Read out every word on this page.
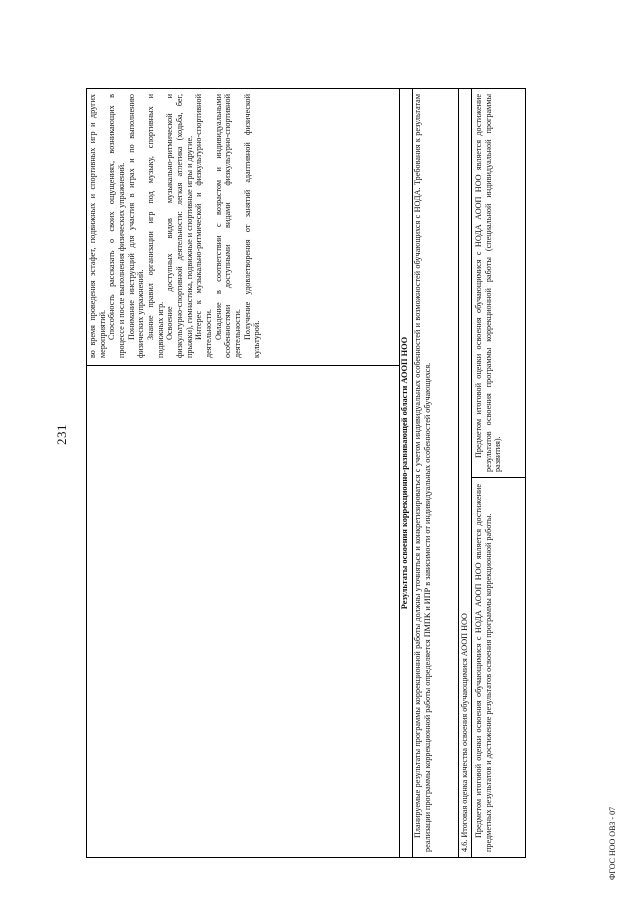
231

во время проведения эстафет, подвижных и спортивных игр и других мероприятий. Способность рассказать о своих ощущениях, возникающих в процессе и после выполнения физических упражнений. Понимание инструкций для участия в играх и по выполнению физических упражнений. Знание правил организации игр под музыку, спортивных и подвижных игр. Освоение доступных видов музыкально-ритмической и физкультурно-спортивной деятельности: легкая атлетика (ходьба, бег, прыжки), гимнастика, подвижные и спортивные игры и другие. Интерес к музыкально-ритмической и физкультурно-спортивной деятельности. Овладение в соответствии с возрастом и индивидуальными особенностями доступными видами физкультурно-спортивной деятельности. Получение удовлетворения от занятий адаптивной физической культурой.	Результаты освоения коррекционно-развивающей области АООП НОО Планируемые результаты программы коррекционной работы должны уточняться и конкретизироваться с учетом индивидуальных особенностей и возможностей обучающихся с НОДА. Требования к результатам реализации программы коррекционной работы определяется ПМПК и ИПР в зависимости от индивидуальных особенностей обучающихся.	4.6. Итоговая оценка качества освоения обучающимися АООП НОО Предметом итоговой оценки освоения обучающимися с НОДА АООП НОО является достижение предметных результатов и достижение результатов освоения программы коррекционной работы.
Предметом итоговой оценки освоения обучающимися с НОДА АООП НОО является достижение результатов освоения программы коррекционной работы (специальной индивидуальной программы развития).
ФГОС НОО ОВЗ - 07
